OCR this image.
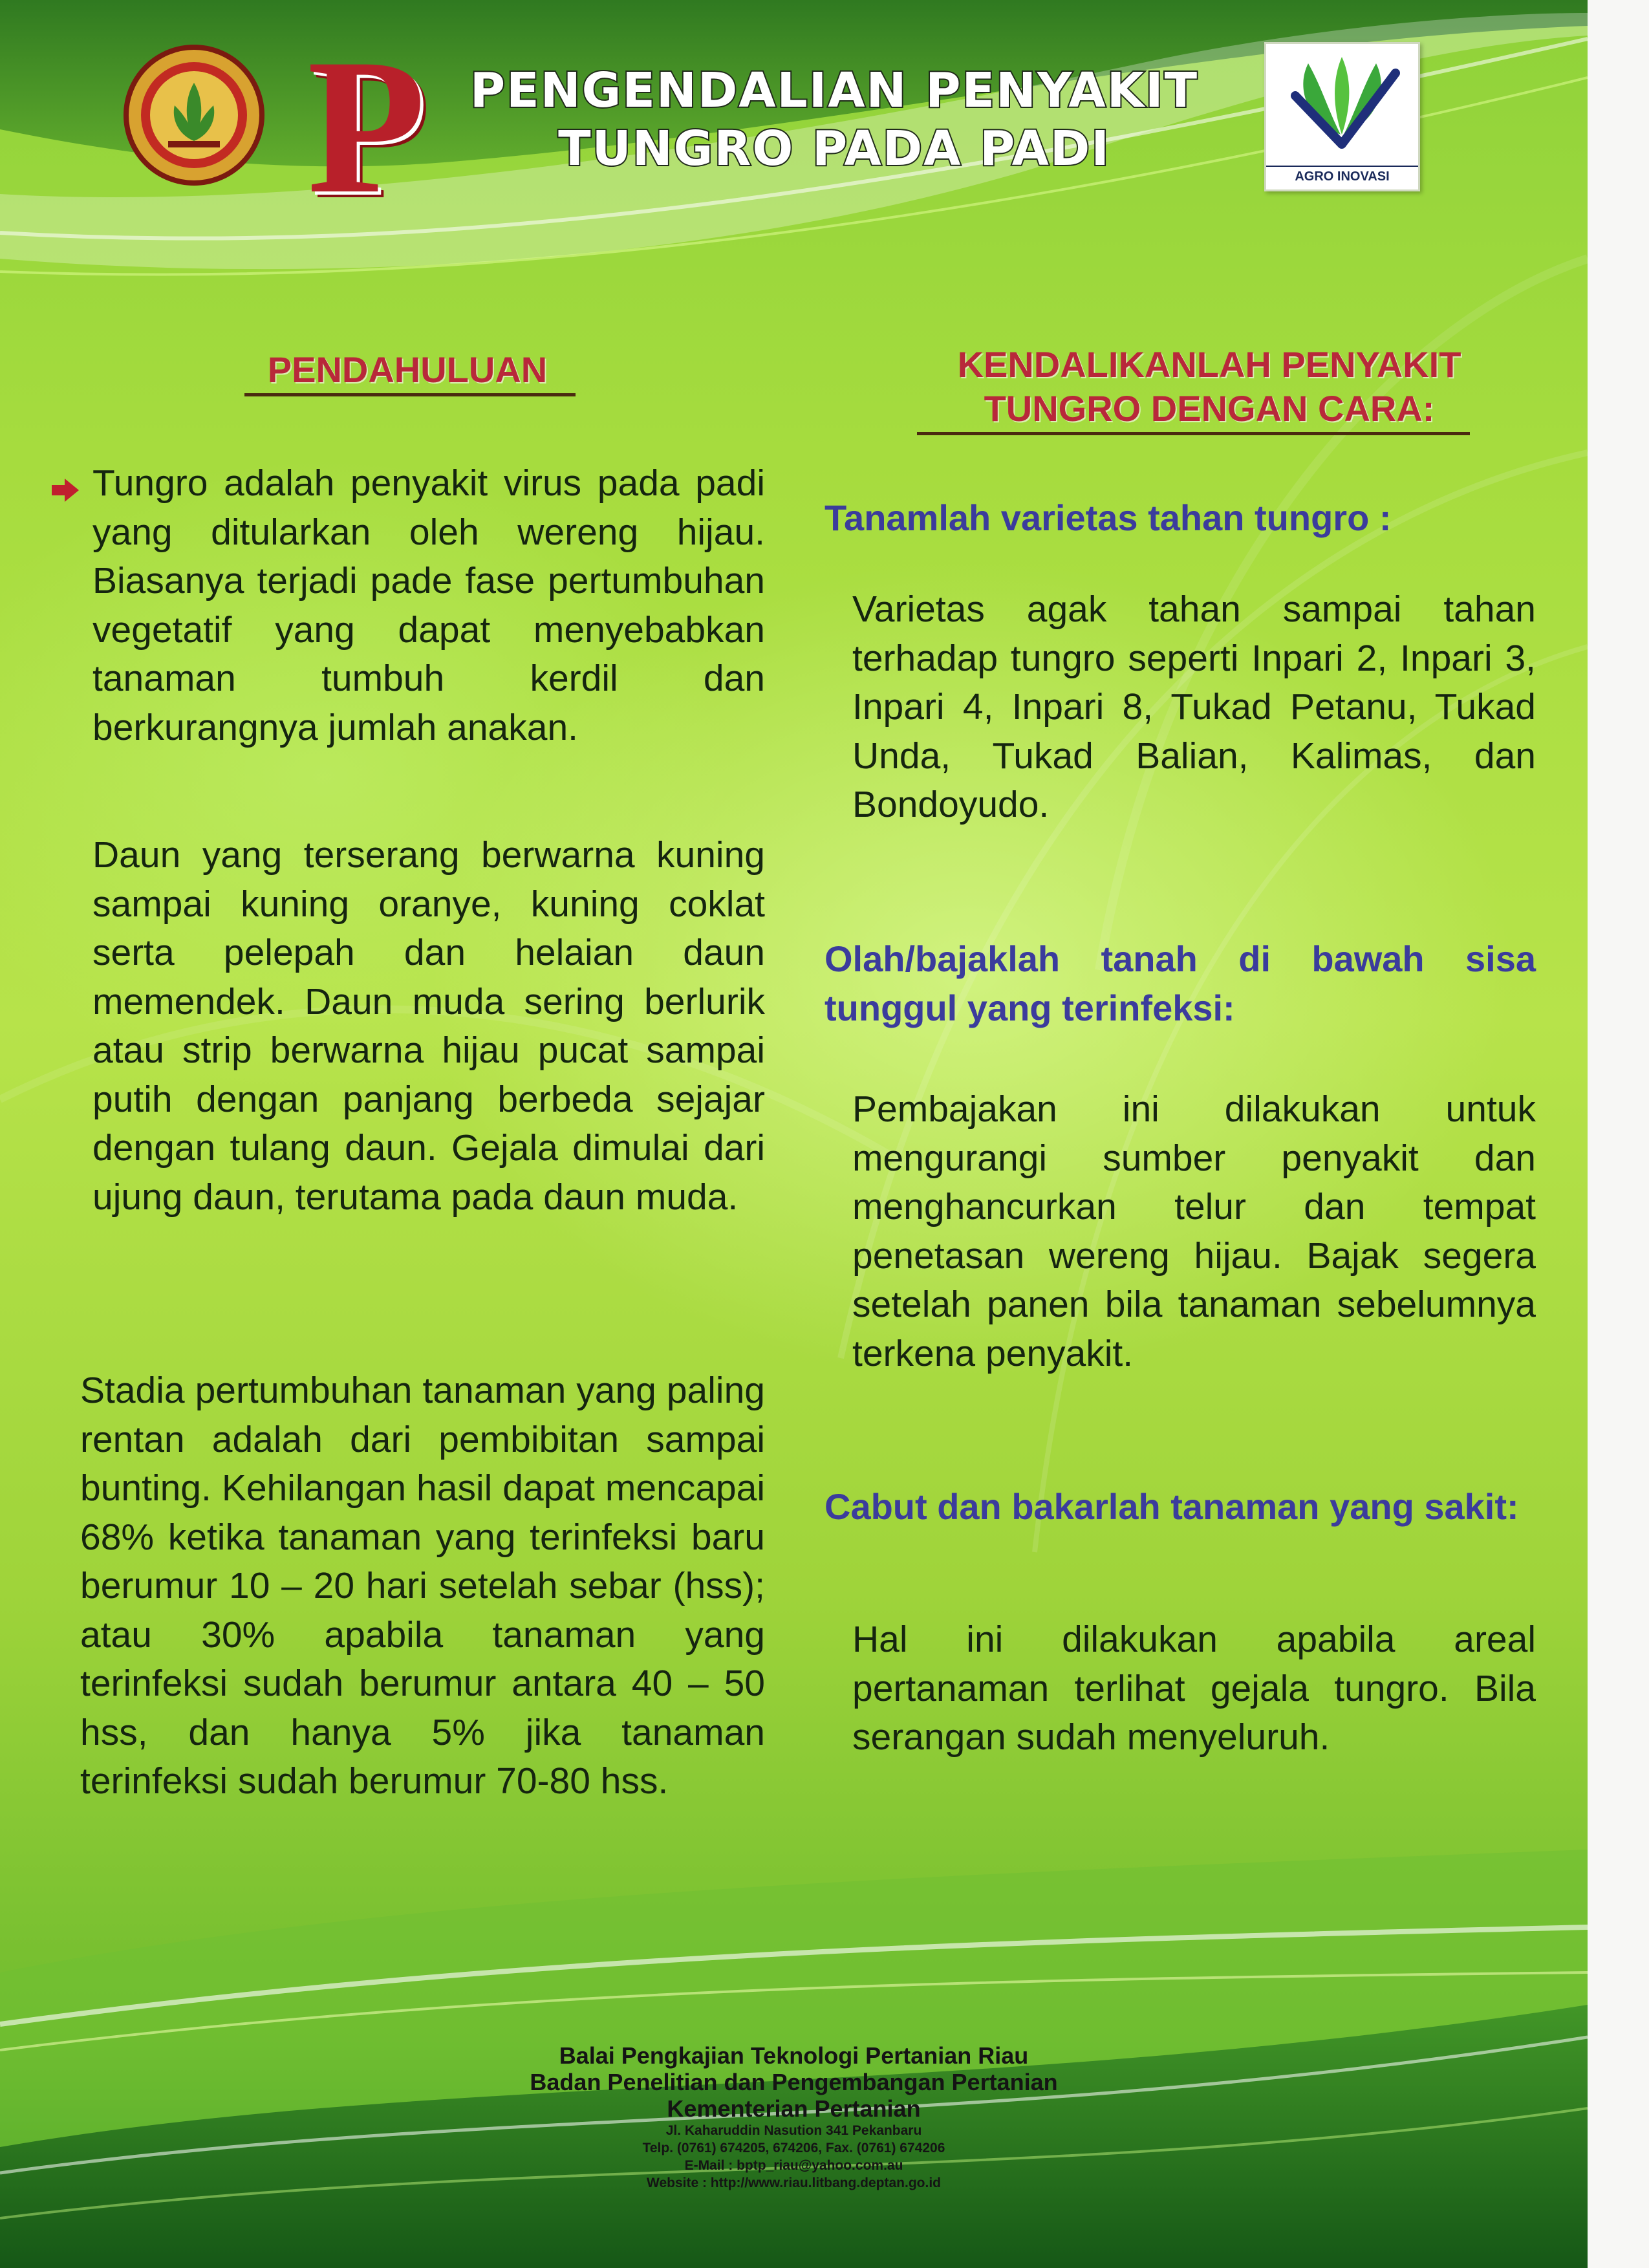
P PENGENDALIAN PENYAKIT
TUNGRO PADA PADI	AGRO INOVASI
PENDAHULUAN
Tungro adalah penyakit virus pada padi yang ditularkan oleh wereng hijau. Biasanya terjadi pade fase pertumbuhan vegetatif yang dapat menyebabkan tanaman tumbuh kerdil dan berkurangnya jumlah anakan.
Daun yang terserang berwarna kuning sampai kuning oranye, kuning coklat serta pelepah dan helaian daun memendek. Daun muda sering berlurik atau strip berwarna hijau pucat sampai putih dengan panjang berbeda sejajar dengan tulang daun. Gejala dimulai dari ujung daun, terutama pada daun muda.
Stadia pertumbuhan tanaman yang paling rentan adalah dari pembibitan sampai bunting. Kehilangan hasil dapat mencapai 68% ketika tanaman yang terinfeksi baru berumur 10 – 20 hari setelah sebar (hss); atau 30% apabila tanaman yang terinfeksi sudah berumur antara 40 – 50 hss, dan hanya 5% jika tanaman terinfeksi sudah berumur 70-80 hss.
KENDALIKANLAH PENYAKIT
TUNGRO DENGAN CARA:
Tanamlah varietas tahan tungro :
Varietas agak tahan sampai tahan terhadap tungro seperti Inpari 2, Inpari 3, Inpari 4, Inpari 8, Tukad Petanu, Tukad Unda, Tukad Balian, Kalimas, dan Bondoyudo.
Olah/bajaklah tanah di bawah sisa tunggul yang terinfeksi:
Pembajakan ini dilakukan untuk mengurangi sumber penyakit dan menghancurkan telur dan tempat penetasan wereng hijau. Bajak segera setelah panen bila tanaman sebelumnya terkena penyakit.
Cabut dan bakarlah tanaman yang sakit:
Hal ini dilakukan apabila areal pertanaman terlihat gejala tungro. Bila serangan sudah menyeluruh.
Balai Pengkajian Teknologi Pertanian Riau
Badan Penelitian dan Pengembangan Pertanian
Kementerian Pertanian
Jl. Kaharuddin Nasution 341 Pekanbaru
Telp. (0761) 674205, 674206, Fax. (0761) 674206
E-Mail : bptp_riau@yahoo.com.au
Website : http://www.riau.litbang.deptan.go.id
